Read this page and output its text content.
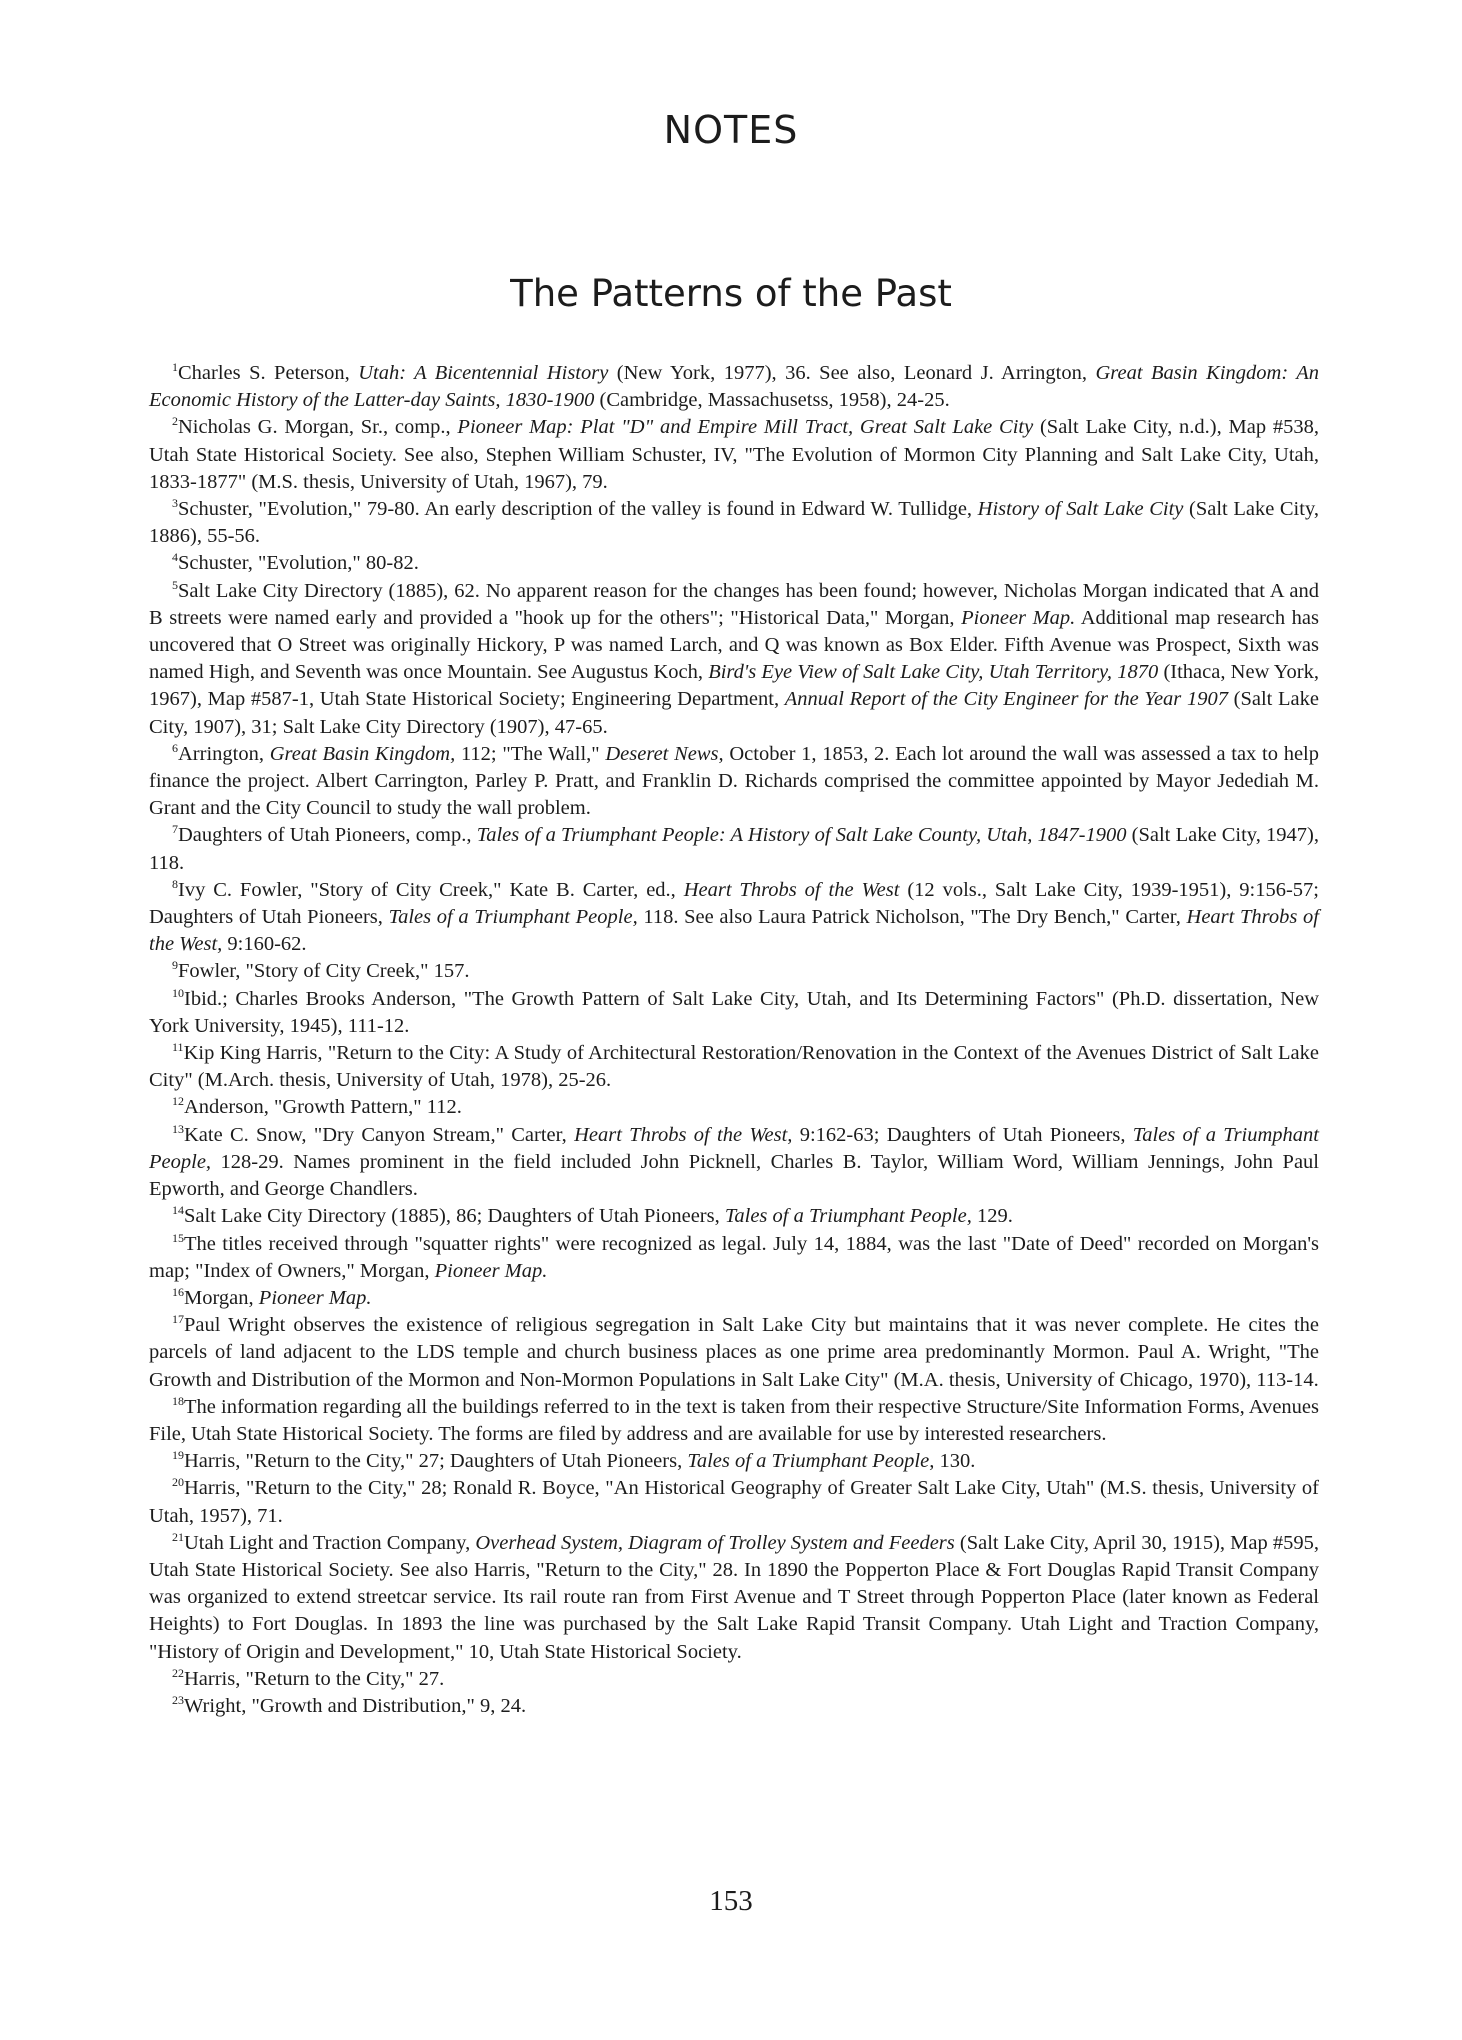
NOTES
The Patterns of the Past

$^1$Charles S. Peterson, Utah: A Bicentennial History (New York, 1977), 36. See also, Leonard J. Arrington, Great Basin Kingdom: An Economic History of the Latter-day Saints, 1830-1900 (Cambridge, Massachusetss, 1958), 24-25.

$^2$Nicholas G. Morgan, Sr., comp., Pioneer Map: Plat "D" and Empire Mill Tract, Great Salt Lake City (Salt Lake City, n.d.), Map #538, Utah State Historical Society. See also, Stephen William Schuster, IV, "The Evolution of Mormon City Planning and Salt Lake City, Utah, 1833-1877" (M.S. thesis, University of Utah, 1967), 79.

$^3$Schuster, "Evolution," 79-80. An early description of the valley is found in Edward W. Tullidge, History of Salt Lake City (Salt Lake City, 1886), 55-56.

$^4$Schuster, "Evolution," 80-82.

$^5$Salt Lake City Directory (1885), 62. No apparent reason for the changes has been found; however, Nicholas Morgan indicated that A and B streets were named early and provided a "hook up for the others"; "Historical Data," Morgan, Pioneer Map. Additional map research has uncovered that O Street was originally Hickory, P was named Larch, and Q was known as Box Elder. Fifth Avenue was Prospect, Sixth was named High, and Seventh was once Mountain. See Augustus Koch, Bird's Eye View of Salt Lake City, Utah Territory, 1870 (Ithaca, New York, 1967), Map #587-1, Utah State Historical Society; Engineering Department, Annual Report of the City Engineer for the Year 1907 (Salt Lake City, 1907), 31; Salt Lake City Directory (1907), 47-65.

$^6$Arrington, Great Basin Kingdom, 112; "The Wall," Deseret News, October 1, 1853, 2. Each lot around the wall was assessed a tax to help finance the project. Albert Carrington, Parley P. Pratt, and Franklin D. Richards comprised the committee appointed by Mayor Jedediah M. Grant and the City Council to study the wall problem.

$^7$Daughters of Utah Pioneers, comp., Tales of a Triumphant People: A History of Salt Lake County, Utah, 1847-1900 (Salt Lake City, 1947), 118.

$^8$Ivy C. Fowler, "Story of City Creek," Kate B. Carter, ed., Heart Throbs of the West (12 vols., Salt Lake City, 1939-1951), 9:156-57; Daughters of Utah Pioneers, Tales of a Triumphant People, 118. See also Laura Patrick Nicholson, "The Dry Bench," Carter, Heart Throbs of the West, 9:160-62.

$^9$Fowler, "Story of City Creek," 157.

$^{10}$Ibid.; Charles Brooks Anderson, "The Growth Pattern of Salt Lake City, Utah, and Its Determining Factors" (Ph.D. dissertation, New York University, 1945), 111-12.

$^{11}$Kip King Harris, "Return to the City: A Study of Architectural Restoration/Renovation in the Context of the Avenues District of Salt Lake City" (M.Arch. thesis, University of Utah, 1978), 25-26.

$^{12}$Anderson, "Growth Pattern," 112.

$^{13}$Kate C. Snow, "Dry Canyon Stream," Carter, Heart Throbs of the West, 9:162-63; Daughters of Utah Pioneers, Tales of a Triumphant People, 128-29. Names prominent in the field included John Picknell, Charles B. Taylor, William Word, William Jennings, John Paul Epworth, and George Chandlers.

$^{14}$Salt Lake City Directory (1885), 86; Daughters of Utah Pioneers, Tales of a Triumphant People, 129.

$^{15}$The titles received through "squatter rights" were recognized as legal. July 14, 1884, was the last "Date of Deed" recorded on Morgan's map; "Index of Owners," Morgan, Pioneer Map.

$^{16}$Morgan, Pioneer Map.

$^{17}$Paul Wright observes the existence of religious segregation in Salt Lake City but maintains that it was never complete. He cites the parcels of land adjacent to the LDS temple and church business places as one prime area predominantly Mormon. Paul A. Wright, "The Growth and Distribution of the Mormon and Non-Mormon Populations in Salt Lake City" (M.A. thesis, University of Chicago, 1970), 113-14.

$^{18}$The information regarding all the buildings referred to in the text is taken from their respective Structure/Site Information Forms, Avenues File, Utah State Historical Society. The forms are filed by address and are available for use by interested researchers.

$^{19}$Harris, "Return to the City," 27; Daughters of Utah Pioneers, Tales of a Triumphant People, 130.

$^{20}$Harris, "Return to the City," 28; Ronald R. Boyce, "An Historical Geography of Greater Salt Lake City, Utah" (M.S. thesis, University of Utah, 1957), 71.

$^{21}$Utah Light and Traction Company, Overhead System, Diagram of Trolley System and Feeders (Salt Lake City, April 30, 1915), Map #595, Utah State Historical Society. See also Harris, "Return to the City," 28. In 1890 the Popperton Place & Fort Douglas Rapid Transit Company was organized to extend streetcar service. Its rail route ran from First Avenue and T Street through Popperton Place (later known as Federal Heights) to Fort Douglas. In 1893 the line was purchased by the Salt Lake Rapid Transit Company. Utah Light and Traction Company, "History of Origin and Development," 10, Utah State Historical Society.

$^{22}$Harris, "Return to the City," 27.

$^{23}$Wright, "Growth and Distribution," 9, 24.

153
